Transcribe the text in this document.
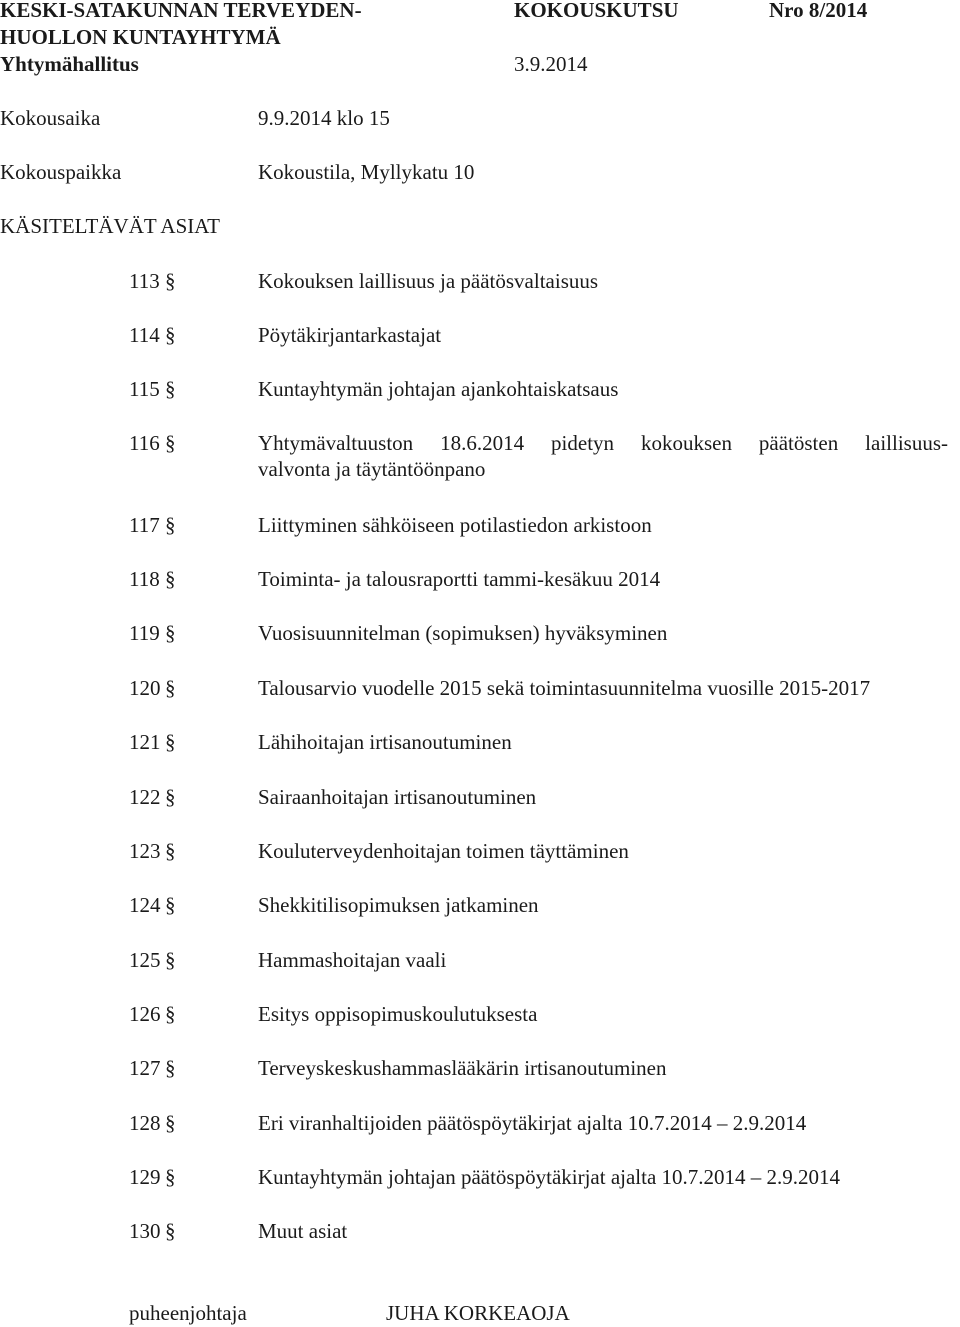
KESKI-SATAKUNNAN TERVEYDEN-
HUOLLON KUNTAYHTYMÄ
Yhtymähallitus
KOKOUSKUTSU	Nro 8/2014
3.9.2014
Kokousaika	9.9.2014 klo 15
Kokouspaikka	Kokoustila, Myllykatu 10
KÄSITELTÄVÄT ASIAT
113 §	Kokouksen laillisuus ja päätösvaltaisuus
114 §	Pöytäkirjantarkastajat
115 §	Kuntayhtymän johtajan ajankohtaiskatsaus
116 §	Yhtymävaltuuston 18.6.2014 pidetyn kokouksen päätösten laillisuus-
valvonta ja täytäntöönpano
117 §	Liittyminen sähköiseen potilastiedon arkistoon
118 §	Toiminta- ja talousraportti tammi-kesäkuu 2014
119 §	Vuosisuunnitelman (sopimuksen) hyväksyminen
120 §	Talousarvio vuodelle 2015 sekä toimintasuunnitelma vuosille 2015-2017
121 §	Lähihoitajan irtisanoutuminen
122 §	Sairaanhoitajan irtisanoutuminen
123 §	Kouluterveydenhoitajan toimen täyttäminen
124 §	Shekkitilisopimuksen jatkaminen
125 §	Hammashoitajan vaali
126 §	Esitys oppisopimuskoulutuksesta
127 §	Terveyskeskushammaslääkärin irtisanoutuminen
128 §	Eri viranhaltijoiden päätöspöytäkirjat ajalta 10.7.2014 – 2.9.2014
129 §	Kuntayhtymän johtajan päätöspöytäkirjat ajalta 10.7.2014 – 2.9.2014
130 §	Muut asiat
puheenjohtaja	JUHA KORKEAOJA
